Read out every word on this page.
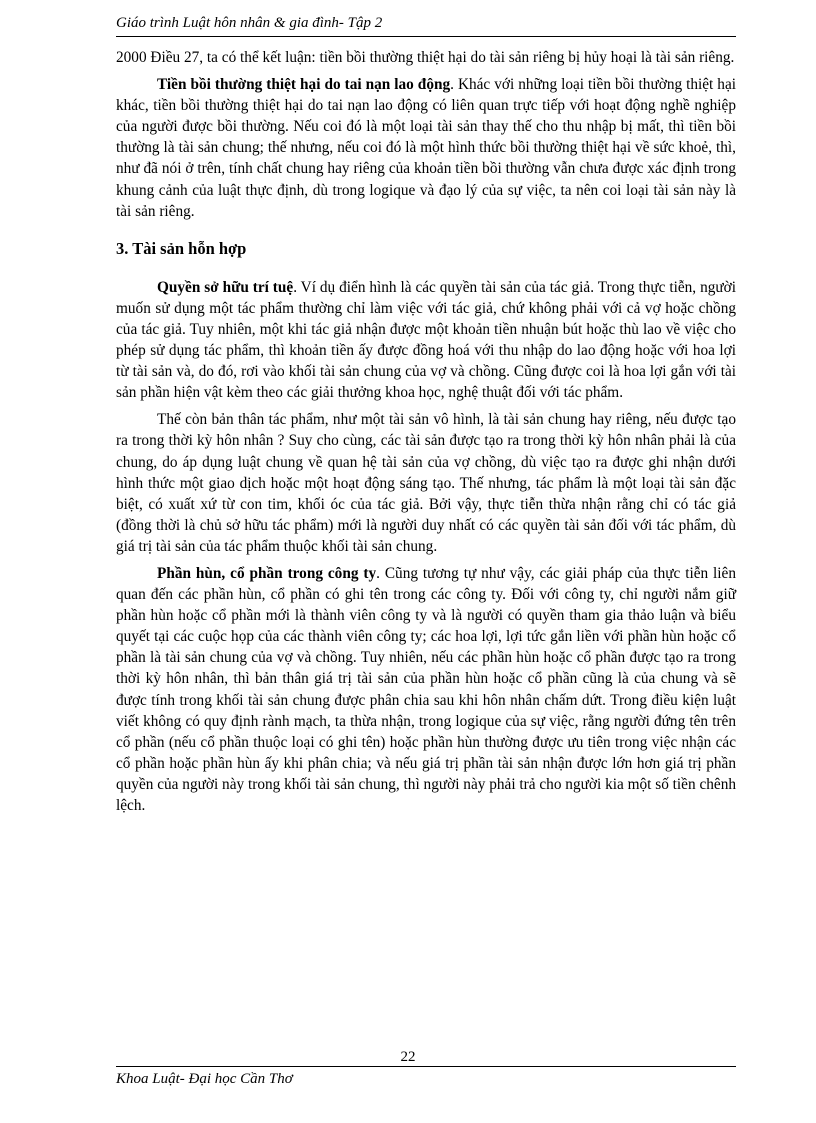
Giáo trình Luật hôn nhân & gia đình- Tập 2

2000 Điều 27, ta có thể kết luận: tiền bồi thường thiệt hại do tài sản riêng bị hủy hoại là tài sản riêng.

Tiền bồi thường thiệt hại do tai nạn lao động. Khác với những loại tiền bồi thường thiệt hại khác, tiền bồi thường thiệt hại do tai nạn lao động có liên quan trực tiếp với hoạt động nghề nghiệp của người được bồi thường. Nếu coi đó là một loại tài sản thay thế cho thu nhập bị mất, thì tiền bồi thường là tài sản chung; thế nhưng, nếu coi đó là một hình thức bồi thường thiệt hại về sức khoẻ, thì, như đã nói ở trên, tính chất chung hay riêng của khoản tiền bồi thường vẫn chưa được xác định trong khung cảnh của luật thực định, dù trong logique và đạo lý của sự việc, ta nên coi loại tài sản này là tài sản riêng.

3. Tài sản hỗn hợp

Quyền sở hữu trí tuệ. Ví dụ điển hình là các quyền tài sản của tác giả. Trong thực tiễn, người muốn sử dụng một tác phẩm thường chỉ làm việc với tác giả, chứ không phải với cả vợ hoặc chồng của tác giả. Tuy nhiên, một khi tác giả nhận được một khoản tiền nhuận bút hoặc thù lao về việc cho phép sử dụng tác phẩm, thì khoản tiền ấy được đồng hoá với thu nhập do lao động hoặc với hoa lợi từ tài sản và, do đó, rơi vào khối tài sản chung của vợ và chồng. Cũng được coi là hoa lợi gắn với tài sản phần hiện vật kèm theo các giải thưởng khoa học, nghệ thuật đối với tác phẩm.

Thế còn bản thân tác phẩm, như một tài sản vô hình, là tài sản chung hay riêng, nếu được tạo ra trong thời kỳ hôn nhân ? Suy cho cùng, các tài sản được tạo ra trong thời kỳ hôn nhân phải là của chung, do áp dụng luật chung về quan hệ tài sản của vợ chồng, dù việc tạo ra được ghi nhận dưới hình thức một giao dịch hoặc một hoạt động sáng tạo. Thế nhưng, tác phẩm là một loại tài sản đặc biệt, có xuất xứ từ con tim, khối óc của tác giả. Bởi vậy, thực tiễn thừa nhận rằng chỉ có tác giả (đồng thời là chủ sở hữu tác phẩm) mới là người duy nhất có các quyền tài sản đối với tác phẩm, dù giá trị tài sản của tác phẩm thuộc khối tài sản chung.

Phần hùn, cổ phần trong công ty. Cũng tương tự như vậy, các giải pháp của thực tiễn liên quan đến các phần hùn, cổ phần có ghi tên trong các công ty. Đối với công ty, chỉ người nắm giữ phần hùn hoặc cổ phần mới là thành viên công ty và là người có quyền tham gia thảo luận và biểu quyết tại các cuộc họp của các thành viên công ty; các hoa lợi, lợi tức gắn liền với phần hùn hoặc cổ phần là tài sản chung của vợ và chồng. Tuy nhiên, nếu các phần hùn hoặc cổ phần được tạo ra trong thời kỳ hôn nhân, thì bản thân giá trị tài sản của phần hùn hoặc cổ phần cũng là của chung và sẽ được tính trong khối tài sản chung được phân chia sau khi hôn nhân chấm dứt. Trong điều kiện luật viết không có quy định rành mạch, ta thừa nhận, trong logique của sự việc, rằng người đứng tên trên cổ phần (nếu cổ phần thuộc loại có ghi tên) hoặc phần hùn thường được ưu tiên trong việc nhận các cổ phần hoặc phần hùn ấy khi phân chia; và nếu giá trị phần tài sản nhận được lớn hơn giá trị phần quyền của người này trong khối tài sản chung, thì người này phải trả cho người kia một số tiền chênh lệch.

22
Khoa Luật- Đại học Cần Thơ
